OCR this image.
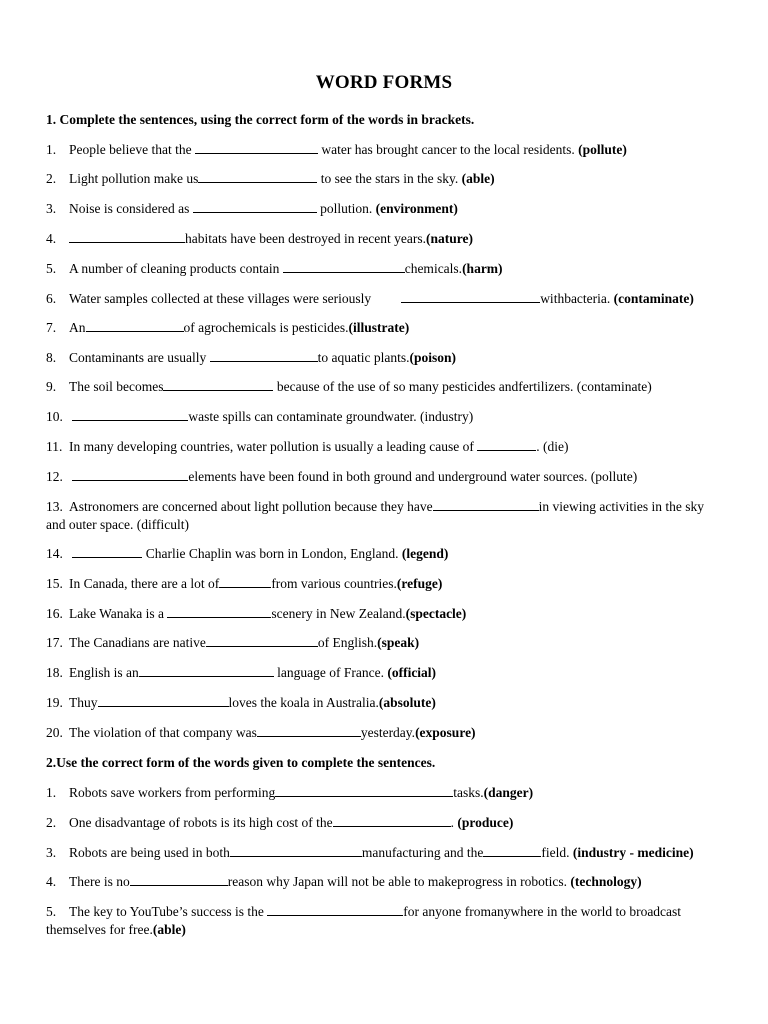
WORD FORMS
1. Complete the sentences, using the correct form of the words in brackets.
1. People believe that the	water has brought cancer to the local residents. (pollute)
2. Light pollution make us	to see the stars in the sky. (able)
3. Noise is considered as	pollution. (environment)
4.	habitats have been destroyed in recent years.(nature)
5. A number of cleaning products contain	chemicals.(harm)
6. Water samples collected at these villages were seriously	withbacteria. (contaminate)
7. An	of agrochemicals is pesticides.(illustrate)
8. Contaminants are usually	to aquatic plants.(poison)
9. The soil becomes	because of the use of so many pesticides andfertilizers. (contaminate)
10.	waste spills can contaminate groundwater. (industry)
11. In many developing countries, water pollution is usually a leading cause of	. (die)
12.	elements have been found in both ground and underground water sources. (pollute)
13. Astronomers are concerned about light pollution because they have	in viewing activities in the sky and outer space. (difficult)
14.	Charlie Chaplin was born in London, England. (legend)
15. In Canada, there are a lot of	from various countries.(refuge)
16. Lake Wanaka is a	scenery in New Zealand.(spectacle)
17. The Canadians are native	of English.(speak)
18. English is an	language of France. (official)
19. Thuy	loves the koala in Australia.(absolute)
20. The violation of that company was	yesterday.(exposure)
2.Use the correct form of the words given to complete the sentences.
1. Robots save workers from performing	tasks.(danger)
2. One disadvantage of robots is its high cost of the	. (produce)
3. Robots are being used in both	manufacturing and the	field. (industry - medicine)
4. There is no	reason why Japan will not be able to makeprogress in robotics. (technology)
5. The key to YouTube’s success is the	for anyone fromanywhere in the world to broadcast themselves for free.(able)
